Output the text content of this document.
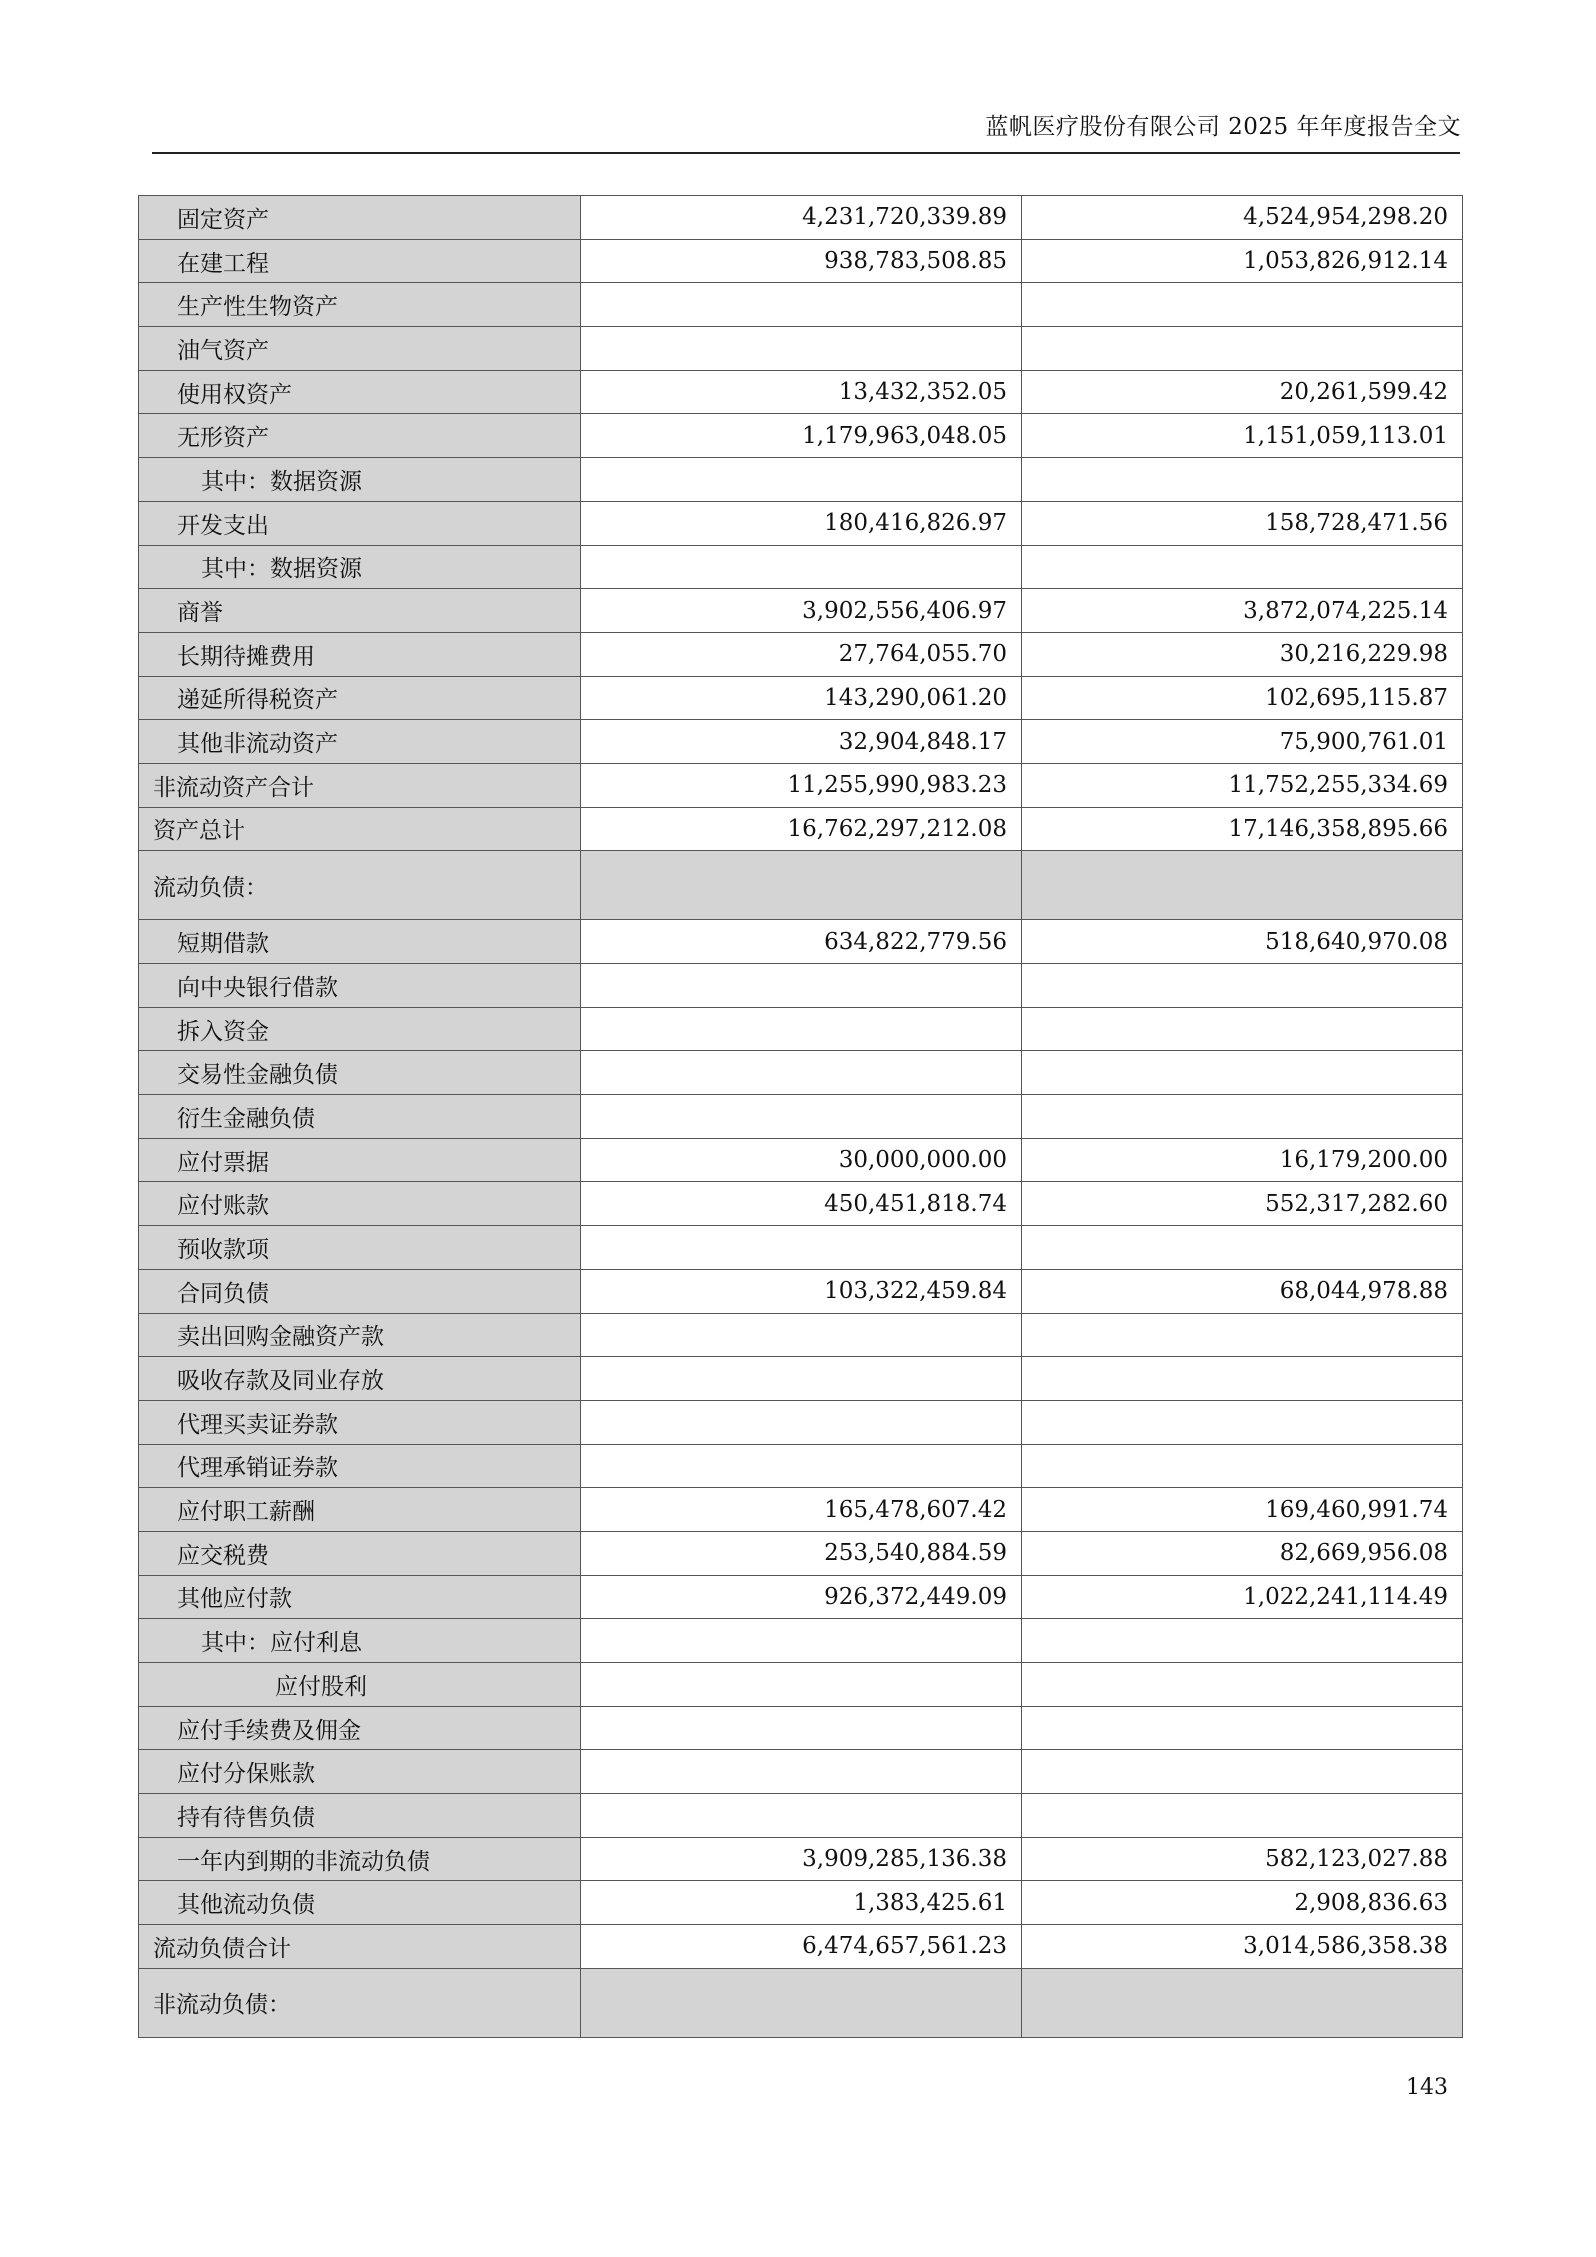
蓝帆医疗股份有限公司 2025 年年度报告全文
固定资产	4,231,720,339.89	4,524,954,298.20
在建工程	938,783,508.85	1,053,826,912.14
生产性生物资产		
油气资产		
使用权资产	13,432,352.05	20,261,599.42
无形资产	1,179,963,048.05	1,151,059,113.01
其中：数据资源		
开发支出	180,416,826.97	158,728,471.56
其中：数据资源		
商誉	3,902,556,406.97	3,872,074,225.14
长期待摊费用	27,764,055.70	30,216,229.98
递延所得税资产	143,290,061.20	102,695,115.87
其他非流动资产	32,904,848.17	75,900,761.01
非流动资产合计	11,255,990,983.23	11,752,255,334.69
资产总计	16,762,297,212.08	17,146,358,895.66
流动负债：		
短期借款	634,822,779.56	518,640,970.08
向中央银行借款		
拆入资金		
交易性金融负债		
衍生金融负债		
应付票据	30,000,000.00	16,179,200.00
应付账款	450,451,818.74	552,317,282.60
预收款项		
合同负债	103,322,459.84	68,044,978.88
卖出回购金融资产款		
吸收存款及同业存放		
代理买卖证券款		
代理承销证券款		
应付职工薪酬	165,478,607.42	169,460,991.74
应交税费	253,540,884.59	82,669,956.08
其他应付款	926,372,449.09	1,022,241,114.49
其中：应付利息		
应付股利		
应付手续费及佣金		
应付分保账款		
持有待售负债		
一年内到期的非流动负债	3,909,285,136.38	582,123,027.88
其他流动负债	1,383,425.61	2,908,836.63
流动负债合计	6,474,657,561.23	3,014,586,358.38
非流动负债：		
143
